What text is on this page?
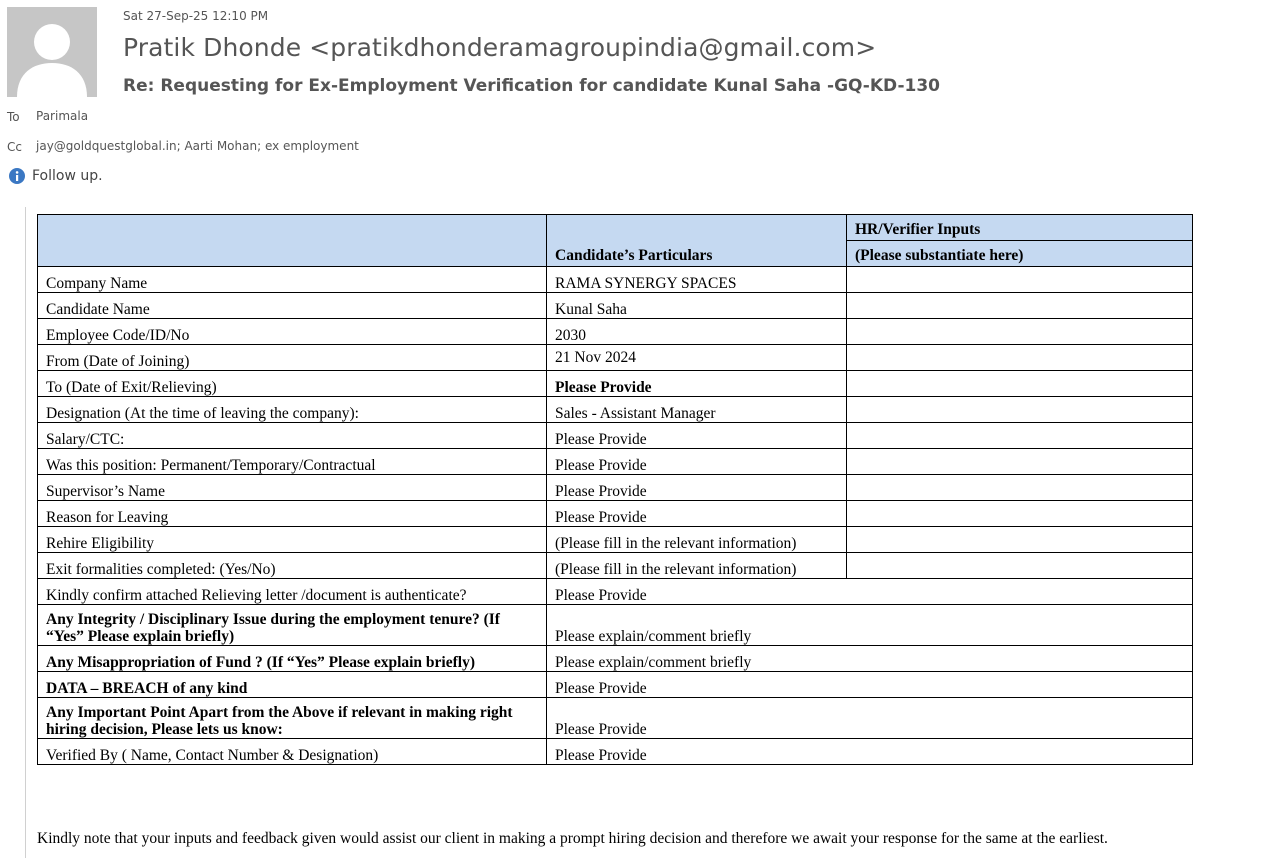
Sat 27-Sep-25 12:10 PM
Pratik Dhonde <pratikdhonderamagroupindia@gmail.com>
Re: Requesting for Ex-Employment Verification for candidate Kunal Saha -GQ-KD-130
To Parimala
Cc jay@goldquestglobal.in; Aarti Mohan; ex employment
Follow up.
	Candidate’s Particulars	HR/Verifier Inputs
		(Please substantiate here)
Company Name	RAMA SYNERGY SPACES	
Candidate Name	Kunal Saha	
Employee Code/ID/No	2030	
From (Date of Joining)	21 Nov 2024	
To (Date of Exit/Relieving)	Please Provide	
Designation (At the time of leaving the company):	Sales - Assistant Manager	
Salary/CTC:	Please Provide	
Was this position: Permanent/Temporary/Contractual	Please Provide	
Supervisor’s Name	Please Provide	
Reason for Leaving	Please Provide	
Rehire Eligibility	(Please fill in the relevant information)	
Exit formalities completed: (Yes/No)	(Please fill in the relevant information)	
Kindly confirm attached Relieving letter /document is authenticate?	Please Provide	
Any Integrity / Disciplinary Issue during the employment tenure? (If “Yes” Please explain briefly)	Please explain/comment briefly	
Any Misappropriation of Fund ? (If “Yes” Please explain briefly)	Please explain/comment briefly	
DATA – BREACH of any kind	Please Provide	
Any Important Point Apart from the Above if relevant in making right hiring decision, Please lets us know:	Please Provide	
Verified By ( Name, Contact Number & Designation)	Please Provide	
Kindly note that your inputs and feedback given would assist our client in making a prompt hiring decision and therefore we await your response for the same at the earliest.
